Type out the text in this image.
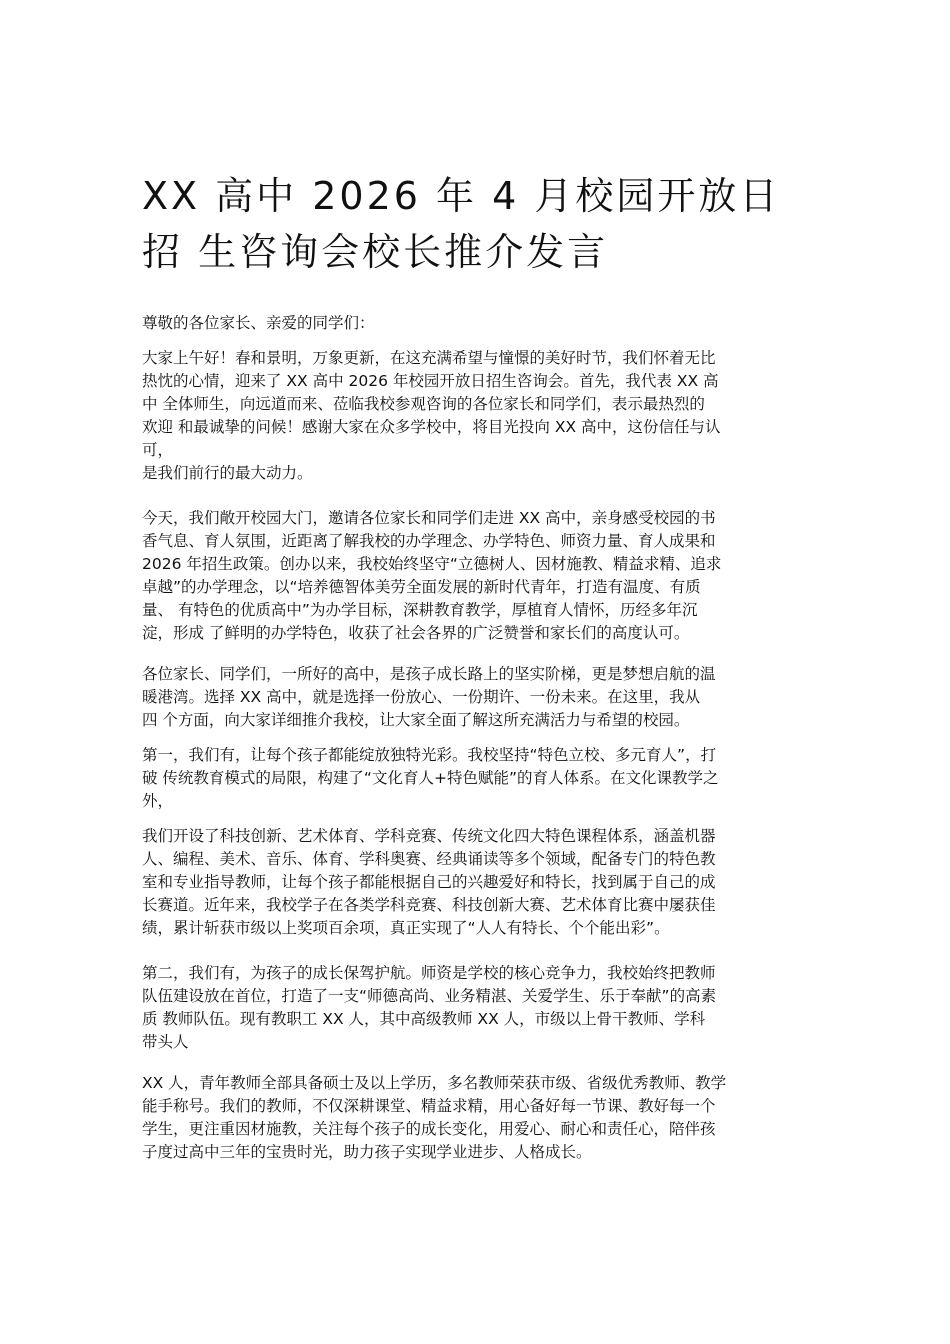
XX 高中 2026 年 4 月校园开放日
招 生咨询会校长推介发言
尊敬的各位家长、亲爱的同学们：
大家上午好！春和景明，万象更新，在这充满希望与憧憬的美好时节，我们怀着无比
热忱的心情，迎来了 XX 高中 2026 年校园开放日招生咨询会。首先，我代表 XX 高
中 全体师生，向远道而来、莅临我校参观咨询的各位家长和同学们，表示最热烈的
欢迎 和最诚挚的问候！感谢大家在众多学校中，将目光投向 XX 高中，这份信任与认
可，
是我们前行的最大动力。
今天，我们敞开校园大门，邀请各位家长和同学们走进 XX 高中，亲身感受校园的书
香气息、育人氛围，近距离了解我校的办学理念、办学特色、师资力量、育人成果和
2026 年招生政策。创办以来，我校始终坚守“立德树人、因材施教、精益求精、追求
卓越”的办学理念，以“培养德智体美劳全面发展的新时代青年，打造有温度、有质
量、 有特色的优质高中”为办学目标，深耕教育教学，厚植育人情怀，历经多年沉
淀，形成 了鲜明的办学特色，收获了社会各界的广泛赞誉和家长们的高度认可。
各位家长、同学们，一所好的高中，是孩子成长路上的坚实阶梯，更是梦想启航的温
暖港湾。选择 XX 高中，就是选择一份放心、一份期许、一份未来。在这里，我从
四 个方面，向大家详细推介我校，让大家全面了解这所充满活力与希望的校园。
第一，我们有，让每个孩子都能绽放独特光彩。我校坚持“特色立校、多元育人”，打
破 传统教育模式的局限，构建了“文化育人+特色赋能”的育人体系。在文化课教学之
外，
我们开设了科技创新、艺术体育、学科竞赛、传统文化四大特色课程体系，涵盖机器
人、编程、美术、音乐、体育、学科奥赛、经典诵读等多个领域，配备专门的特色教
室和专业指导教师，让每个孩子都能根据自己的兴趣爱好和特长，找到属于自己的成
长赛道。近年来，我校学子在各类学科竞赛、科技创新大赛、艺术体育比赛中屡获佳
绩，累计斩获市级以上奖项百余项，真正实现了“人人有特长、个个能出彩”。
第二，我们有，为孩子的成长保驾护航。师资是学校的核心竞争力，我校始终把教师
队伍建设放在首位，打造了一支“师德高尚、业务精湛、关爱学生、乐于奉献”的高素
质 教师队伍。现有教职工 XX 人，其中高级教师 XX 人，市级以上骨干教师、学科
带头人
XX 人，青年教师全部具备硕士及以上学历，多名教师荣获市级、省级优秀教师、教学
能手称号。我们的教师，不仅深耕课堂、精益求精，用心备好每一节课、教好每一个
学生，更注重因材施教，关注每个孩子的成长变化，用爱心、耐心和责任心，陪伴孩
子度过高中三年的宝贵时光，助力孩子实现学业进步、人格成长。
